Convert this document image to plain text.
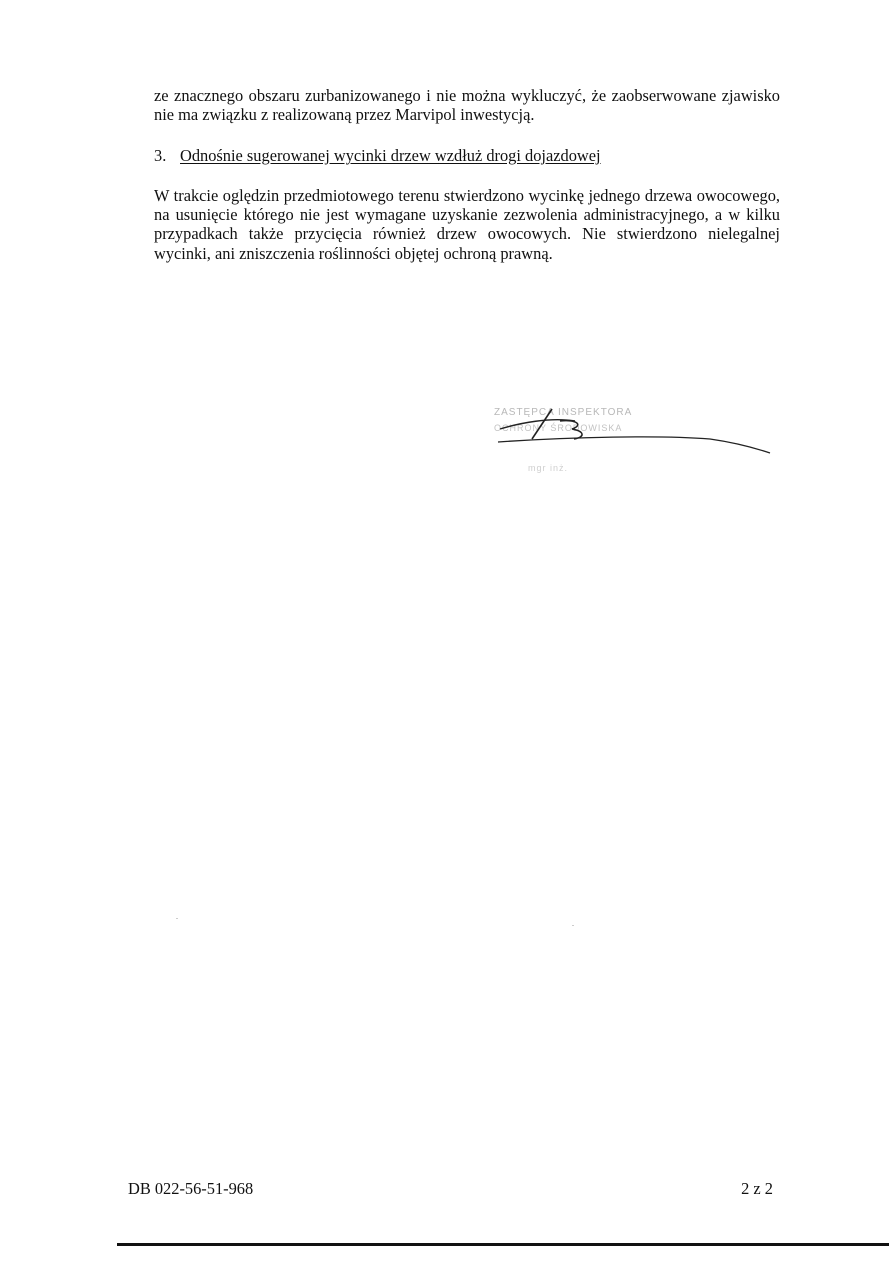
ze znacznego obszaru zurbanizowanego i nie można wykluczyć, że zaobserwowane zjawisko nie ma związku z realizowaną przez Marvipol inwestycją.

3. Odnośnie sugerowanej wycinki drzew wzdłuż drogi dojazdowej

W trakcie oględzin przedmiotowego terenu stwierdzono wycinkę jednego drzewa owocowego, na usunięcie którego nie jest wymagane uzyskanie zezwolenia administracyjnego, a w kilku przypadkach także przycięcia również drzew owocowych. Nie stwierdzono nielegalnej wycinki, ani zniszczenia roślinności objętej ochroną prawną.

ZASTĘPCA INSPEKTORA
OCHRONY ŚRODOWISKA
mgr inż.

DB 022-56-51-968	2 z 2
